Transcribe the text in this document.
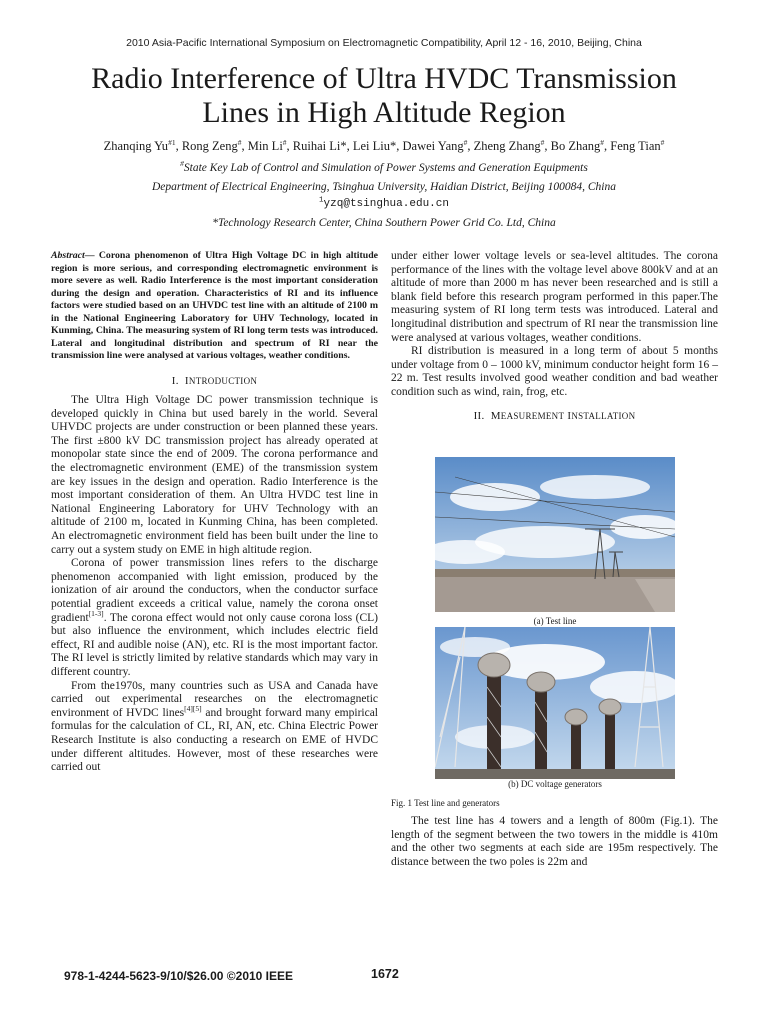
2010 Asia-Pacific International Symposium on Electromagnetic Compatibility, April 12 - 16, 2010, Beijing, China
Radio Interference of Ultra HVDC Transmission
Lines in High Altitude Region
Zhanqing Yu$^{\#1}$, Rong Zeng#, Min Li#, Ruihai Li*, Lei Liu*, Dawei Yang#, Zheng Zhang#, Bo Zhang#, Feng Tian#
#State Key Lab of Control and Simulation of Power Systems and Generation Equipments
Department of Electrical Engineering, Tsinghua University, Haidian District, Beijing 100084, China
$^1$yzq@tsinghua.edu.cn
*Technology Research Center, China Southern Power Grid Co. Ltd, China
Abstract— Corona phenomenon of Ultra High Voltage DC in high altitude region is more serious, and corresponding electromagnetic environment is more severe as well. Radio Interference is the most important consideration during the design and operation. Characteristics of RI and its influence factors were studied based on an UHVDC test line with an altitude of 2100 m in the National Engineering Laboratory for UHV Technology, located in Kunming, China. The measuring system of RI long term tests was introduced. Lateral and longitudinal distribution and spectrum of RI near the transmission line were analysed at various voltages, weather conditions.
I. INTRODUCTION

The Ultra High Voltage DC power transmission technique is developed quickly in China but used barely in the world. Several UHVDC projects are under construction or been planned these years. The first ±800 kV DC transmission project has already operated at monopolar state since the end of 2009. The corona performance and the electromagnetic environment (EME) of the transmission system are key issues in the design and operation. Radio Interference is the most important consideration of them. An Ultra HVDC test line in National Engineering Laboratory for UHV Technology with an altitude of 2100 m, located in Kunming China, has been completed. An electromagnetic environment field has been built under the line to carry out a system study on EME in high altitude region.

Corona of power transmission lines refers to the discharge phenomenon accompanied with light emission, produced by the ionization of air around the conductors, when the conductor surface potential gradient exceeds a critical value, namely the corona onset gradient[1-3]. The corona effect would not only cause corona loss (CL) but also influence the environment, which includes electric field effect, RI and audible noise (AN), etc. RI is the most important factor. The RI level is strictly limited by relative standards which may vary in different country.

From the1970s, many countries such as USA and Canada have carried out experimental researches on the electromagnetic environment of HVDC lines[4][5] and brought forward many empirical formulas for the calculation of CL, RI, AN, etc. China Electric Power Research Institute is also conducting a research on EME of HVDC under different altitudes. However, most of these researches were carried out

under either lower voltage levels or sea-level altitudes. The corona performance of the lines with the voltage level above 800kV and at an altitude of more than 2000 m has never been researched and is still a blank field before this research program performed in this paper.The measuring system of RI long term tests was introduced. Lateral and longitudinal distribution and spectrum of RI near the transmission line were analysed at various voltages, weather conditions.

RI distribution is measured in a long term of about 5 months under voltage from 0 – 1000 kV, minimum conductor height form 16 – 22 m. Test results involved good weather condition and bad weather condition such as wind, rain, frog, etc.

II. MEASUREMENT INSTALLATION
(a) Test line
(b) DC voltage generators
Fig. 1 Test line and generators

The test line has 4 towers and a length of 800m (Fig.1). The length of the segment between the two towers in the middle is 410m and the other two segments at each side are 195m respectively. The distance between the two poles is 22m and

978-1-4244-5623-9/10/$26.00 ©2010 IEEE	1672
